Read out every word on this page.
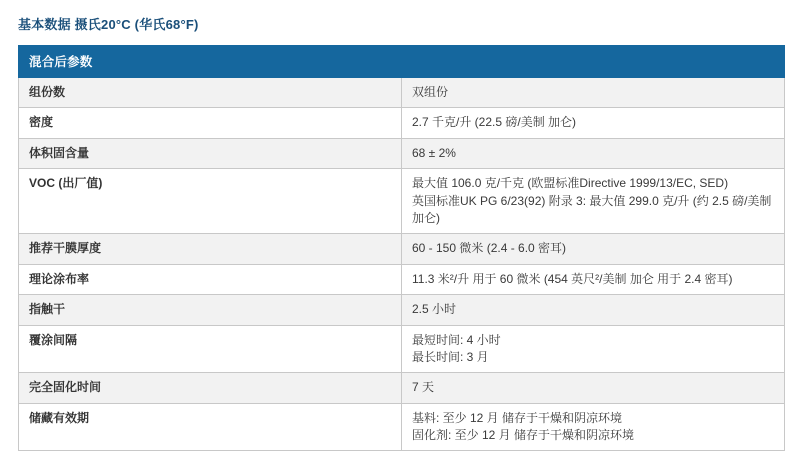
基本数据 摄氏20°C (华氏68°F)
混合后参数	
组份数	双组份

密度	2.7 千克/升 (22.5 磅/美制 加仑)

体积固含量	68 ± 2%

VOC (出厂值)	最大值 106.0 克/千克 (欧盟标准Directive 1999/13/EC, SED)
英国标准UK PG 6/23(92) 附录 3: 最大值 299.0 克/升 (约 2.5 磅/美制 加仑)

推荐干膜厚度	60 - 150 微米 (2.4 - 6.0 密耳)

理论涂布率	11.3 米²/升 用于 60 微米 (454 英尺²/美制 加仑 用于 2.4 密耳)

指触干	2.5 小时

覆涂间隔	最短时间: 4 小时
最长时间: 3 月

完全固化时间	7 天

储藏有效期	基料: 至少 12 月 储存于干燥和阴凉环境
固化剂: 至少 12 月 储存于干燥和阴凉环境
